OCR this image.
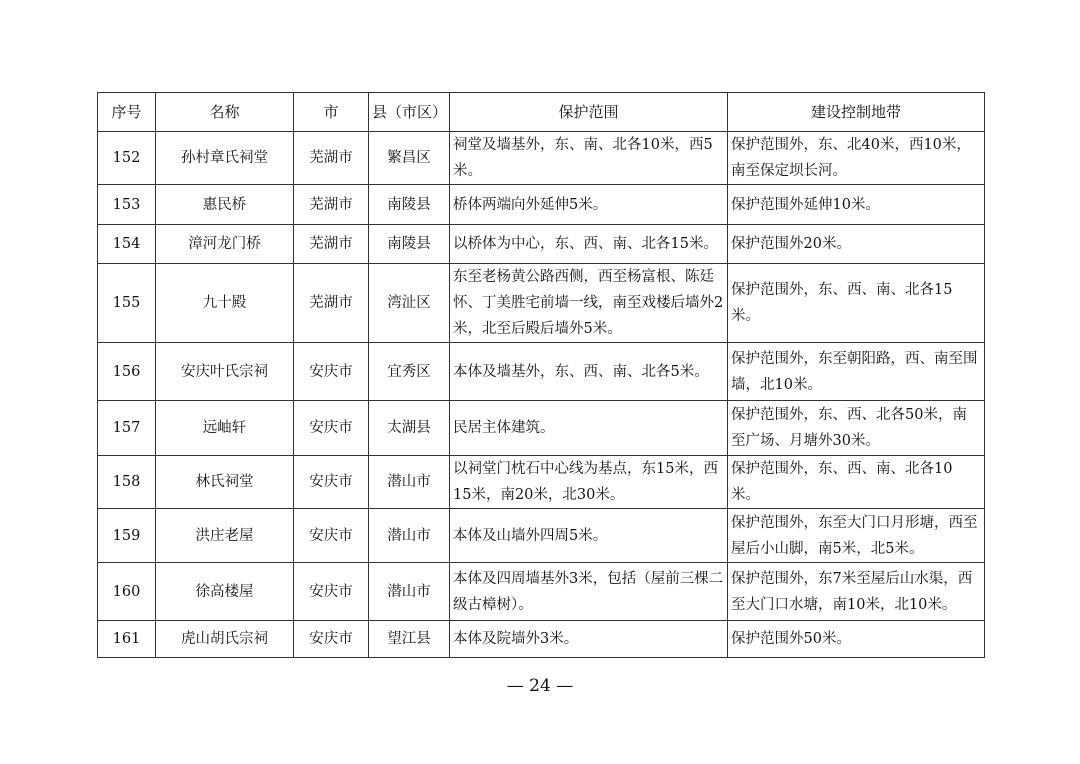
序号	名称	市	县（市区）	保护范围	建设控制地带
152	孙村章氏祠堂	芜湖市	繁昌区	祠堂及墙基外，东、南、北各10米，西5米。	保护范围外，东、北40米，西10米，南至保定坝长河。
153	惠民桥	芜湖市	南陵县	桥体两端向外延伸5米。	保护范围外延伸10米。
154	漳河龙门桥	芜湖市	南陵县	以桥体为中心，东、西、南、北各15米。	保护范围外20米。
155	九十殿	芜湖市	湾沚区	东至老杨黄公路西侧，西至杨富根、陈廷怀、丁美胜宅前墙一线，南至戏楼后墙外2米，北至后殿后墙外5米。	保护范围外，东、西、南、北各15米。
156	安庆叶氏宗祠	安庆市	宜秀区	本体及墙基外，东、西、南、北各5米。	保护范围外，东至朝阳路，西、南至围墙，北10米。
157	远岫轩	安庆市	太湖县	民居主体建筑。	保护范围外，东、西、北各50米，南至广场、月塘外30米。
158	林氏祠堂	安庆市	潜山市	以祠堂门枕石中心线为基点，东15米，西15米，南20米，北30米。	保护范围外，东、西、南、北各10米。
159	洪庄老屋	安庆市	潜山市	本体及山墙外四周5米。	保护范围外，东至大门口月形塘，西至屋后小山脚，南5米，北5米。
160	徐高楼屋	安庆市	潜山市	本体及四周墙基外3米，包括（屋前三棵二级古樟树）。	保护范围外，东7米至屋后山水渠，西至大门口水塘，南10米，北10米。
161	虎山胡氏宗祠	安庆市	望江县	本体及院墙外3米。	保护范围外50米。
— 24 —
